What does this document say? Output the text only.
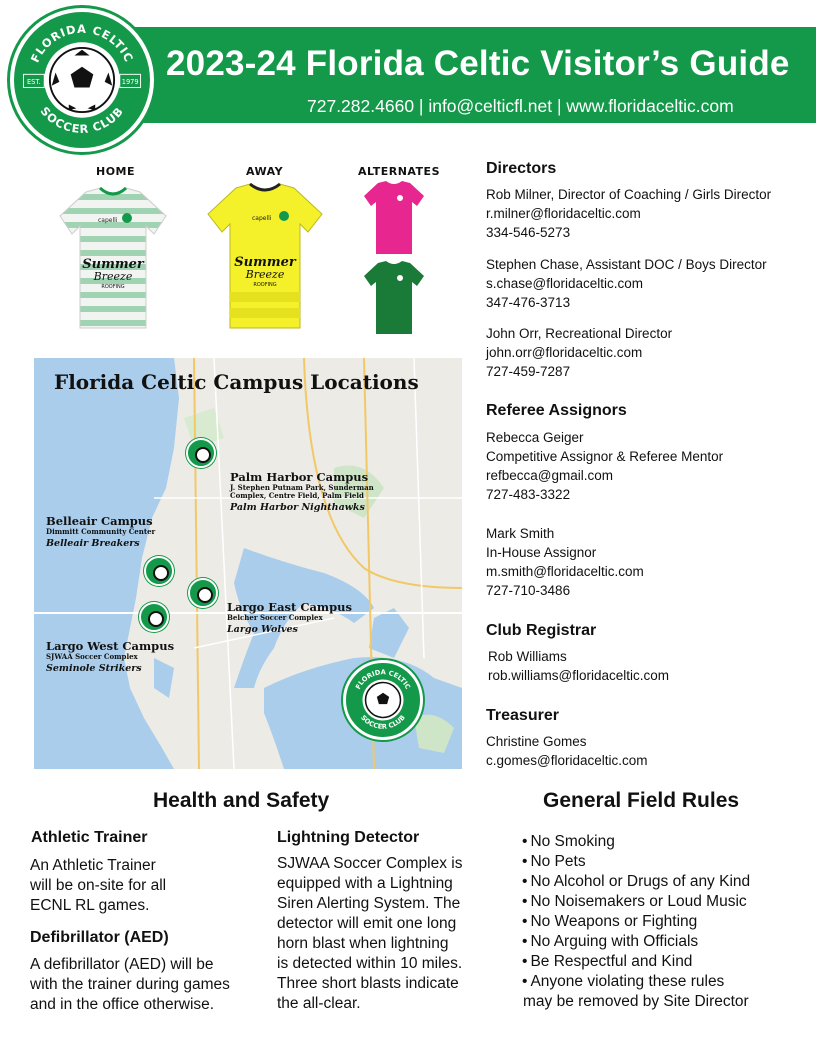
FLORIDA CELTIC
SOCCER CLUB
EST.	1979 2023-24 Florida Celtic Visitor’s Guide
727.282.4660 | info@celticfl.net | www.floridaceltic.com
HOME	AWAY	ALTERNATES
capelli
Summer
Breeze
ROOFING
capelli
Summer
Breeze
ROOFING
Florida Celtic Campus Locations
Palm Harbor Campus
J. Stephen Putnam Park, Sunderman Complex, Centre Field, Palm Field
Palm Harbor Nighthawks
Belleair Campus
Dimmitt Community Center
Belleair Breakers
Largo East Campus
Belcher Soccer Complex
Largo Wolves
Largo West Campus
SJWAA Soccer Complex
Seminole Strikers
FLORIDA CELTIC
SOCCER CLUB
Directors
Rob Milner, Director of Coaching / Girls Director
r.milner@floridaceltic.com
334-546-5273
Stephen Chase, Assistant DOC / Boys Director
s.chase@floridaceltic.com
347-476-3713
John Orr, Recreational Director
john.orr@floridaceltic.com
727-459-7287
Referee Assignors
Rebecca Geiger
Competitive Assignor & Referee Mentor
refbecca@gmail.com
727-483-3322
Mark Smith
In-House Assignor
m.smith@floridaceltic.com
727-710-3486
Club Registrar
Rob Williams
rob.williams@floridaceltic.com
Treasurer
Christine Gomes
c.gomes@floridaceltic.com
Health and Safety
Athletic Trainer
An Athletic Trainer
will be on-site for all
ECNL RL games.
Defibrillator (AED)
A defibrillator (AED) will be
with the trainer during games
and in the office otherwise.
Lightning Detector
SJWAA Soccer Complex is
equipped with a Lightning
Siren Alerting System. The
detector will emit one long
horn blast when lightning
is detected within 10 miles.
Three short blasts indicate
the all-clear.
General Field Rules
• No Smoking
• No Pets
• No Alcohol or Drugs of any Kind
• No Noisemakers or Loud Music
• No Weapons or Fighting
• No Arguing with Officials
• Be Respectful and Kind
• Anyone violating these rules
may be removed by Site Director
